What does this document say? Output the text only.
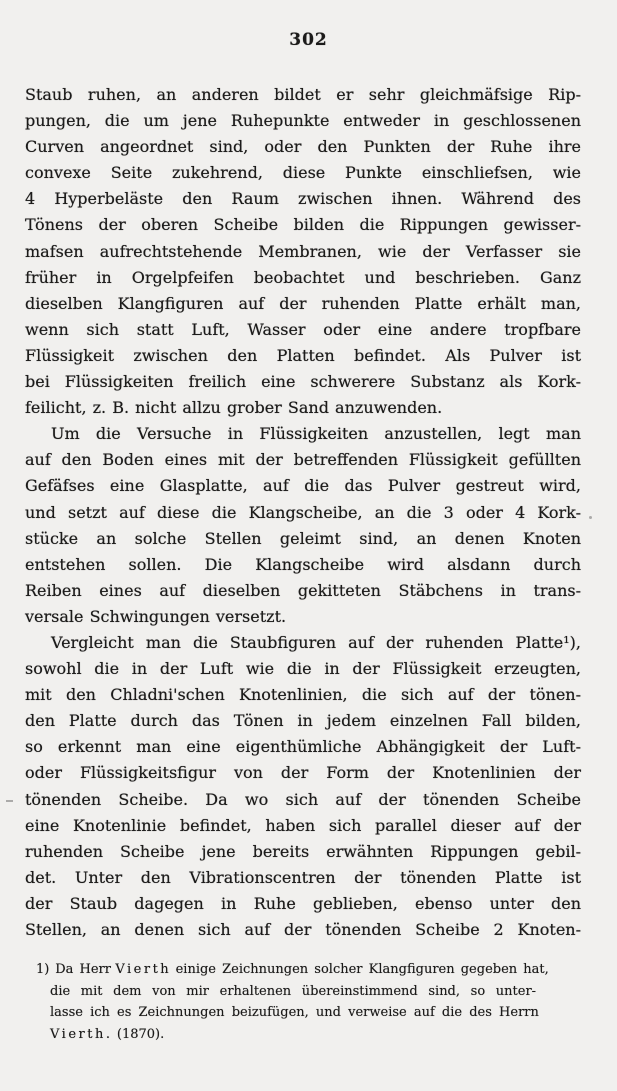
302
Staub ruhen, an anderen bildet er sehr gleichmäfsige Rip-
pungen, die um jene Ruhepunkte entweder in geschlossenen
Curven angeordnet sind, oder den Punkten der Ruhe ihre
convexe Seite zukehrend, diese Punkte einschliefsen, wie
4 Hyperbeläste den Raum zwischen ihnen. Während des
Tönens der oberen Scheibe bilden die Rippungen gewisser-
mafsen aufrechtstehende Membranen, wie der Verfasser sie
früher in Orgelpfeifen beobachtet und beschrieben. Ganz
dieselben Klangfiguren auf der ruhenden Platte erhält man,
wenn sich statt Luft, Wasser oder eine andere tropfbare
Flüssigkeit zwischen den Platten befindet. Als Pulver ist
bei Flüssigkeiten freilich eine schwerere Substanz als Kork-
feilicht, z. B. nicht allzu grober Sand anzuwenden.
Um die Versuche in Flüssigkeiten anzustellen, legt man
auf den Boden eines mit der betreffenden Flüssigkeit gefüllten
Gefäfses eine Glasplatte, auf die das Pulver gestreut wird,
und setzt auf diese die Klangscheibe, an die 3 oder 4 Kork-
stücke an solche Stellen geleimt sind, an denen Knoten
entstehen sollen. Die Klangscheibe wird alsdann durch
Reiben eines auf dieselben gekitteten Stäbchens in trans-
versale Schwingungen versetzt.
Vergleicht man die Staubfiguren auf der ruhenden Platte¹),
sowohl die in der Luft wie die in der Flüssigkeit erzeugten,
mit den Chladni'schen Knotenlinien, die sich auf der tönen-
den Platte durch das Tönen in jedem einzelnen Fall bilden,
so erkennt man eine eigenthümliche Abhängigkeit der Luft-
oder Flüssigkeitsfigur von der Form der Knotenlinien der
tönenden Scheibe. Da wo sich auf der tönenden Scheibe
eine Knotenlinie befindet, haben sich parallel dieser auf der
ruhenden Scheibe jene bereits erwähnten Rippungen gebil-
det. Unter den Vibrationscentren der tönenden Platte ist
der Staub dagegen in Ruhe geblieben, ebenso unter den
Stellen, an denen sich auf der tönenden Scheibe 2 Knoten-
1) Da Herr Vierth einige Zeichnungen solcher Klangfiguren gegeben hat,
die mit dem von mir erhaltenen übereinstimmend sind, so unter-
lasse ich es Zeichnungen beizufügen, und verweise auf die des Herrn
Vierth. (1870).
